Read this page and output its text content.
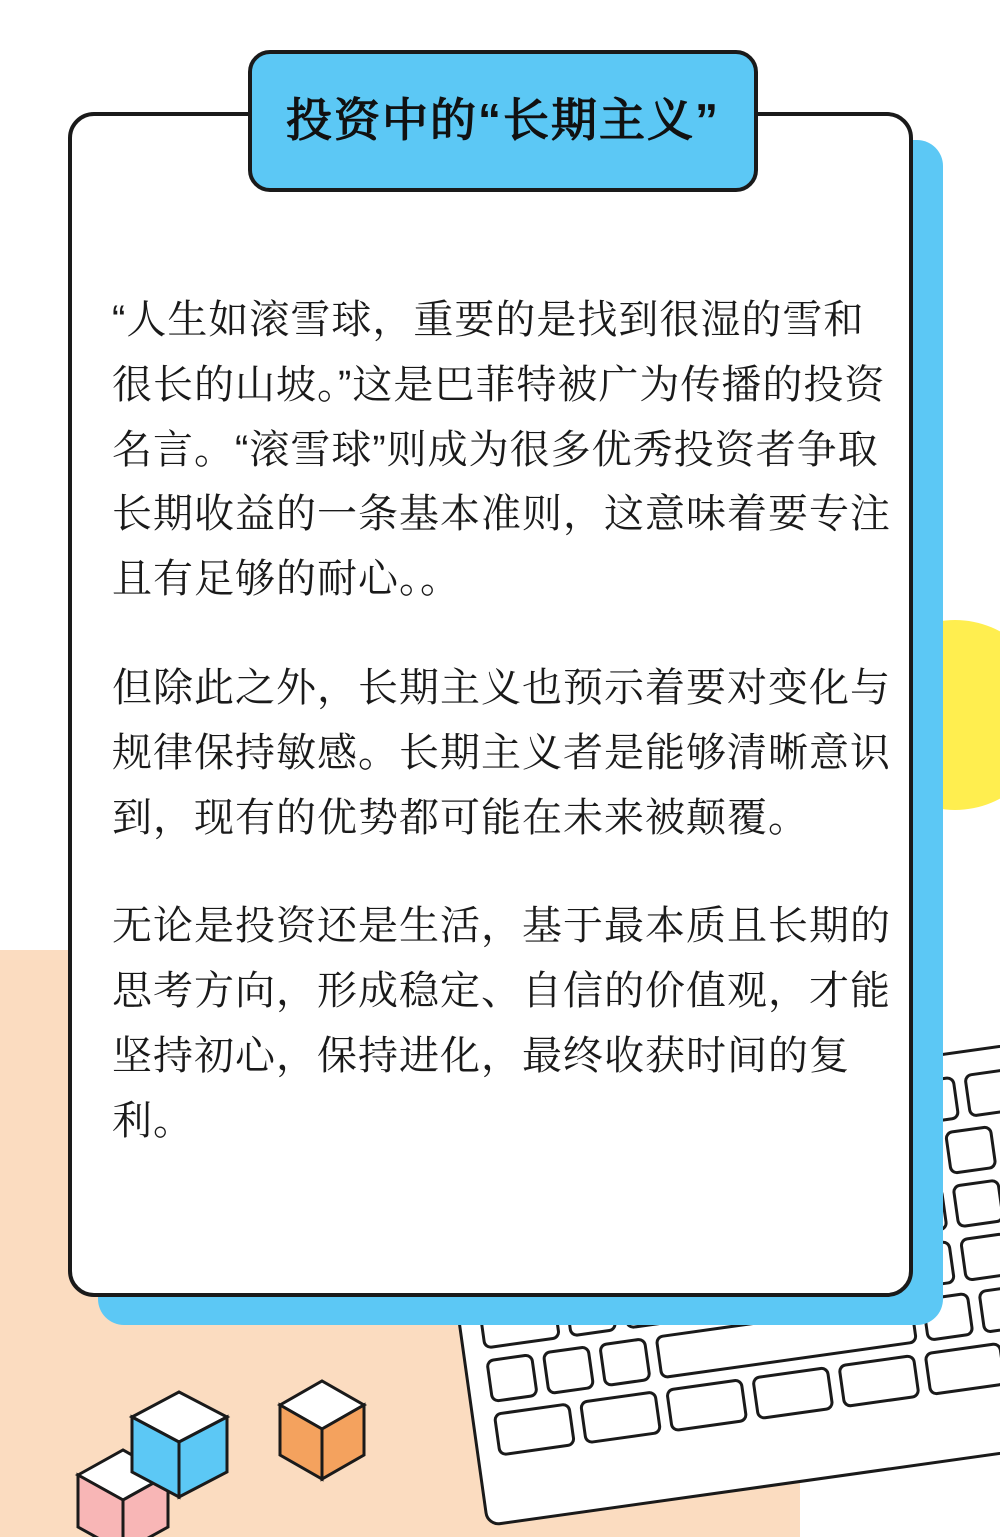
“人生如滚雪球，重要的是找到很湿的雪和很长的山坡。”这是巴菲特被广为传播的投资名言。“滚雪球”则成为很多优秀投资者争取长期收益的一条基本准则，这意味着要专注且有足够的耐心。。

但除此之外，长期主义也预示着要对变化与规律保持敏感。长期主义者是能够清晰意识到，现有的优势都可能在未来被颠覆。

无论是投资还是生活，基于最本质且长期的思考方向，形成稳定、自信的价值观，才能坚持初心，保持进化，最终收获时间的复利。

投资中的“长期主义”
